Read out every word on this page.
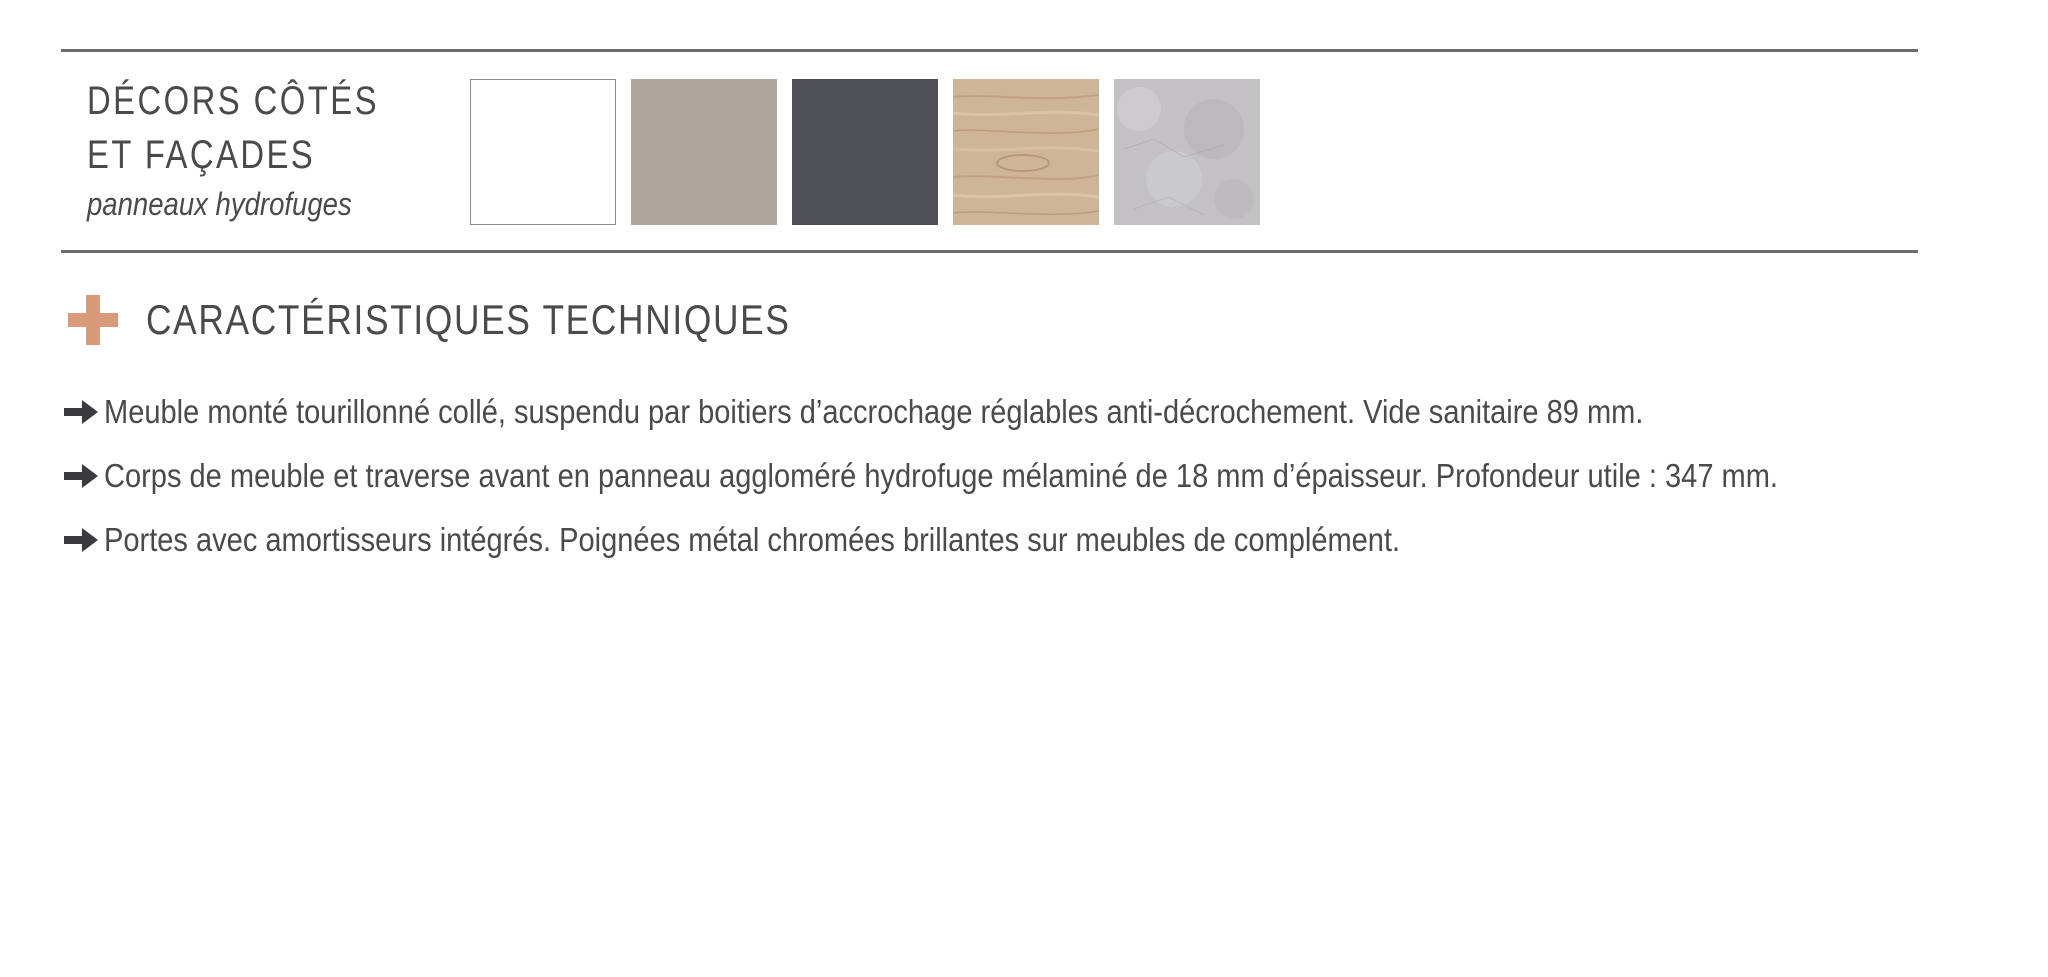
DÉCORS CÔTÉS
ET FAÇADES
panneaux hydrofuges
CARACTÉRISTIQUES TECHNIQUES
Meuble monté tourillonné collé, suspendu par boitiers d’accrochage réglables anti-décrochement. Vide sanitaire 89 mm.
Corps de meuble et traverse avant en panneau aggloméré hydrofuge mélaminé de 18 mm d’épaisseur. Profondeur utile : 347 mm.
Portes avec amortisseurs intégrés. Poignées métal chromées brillantes sur meubles de complément.
